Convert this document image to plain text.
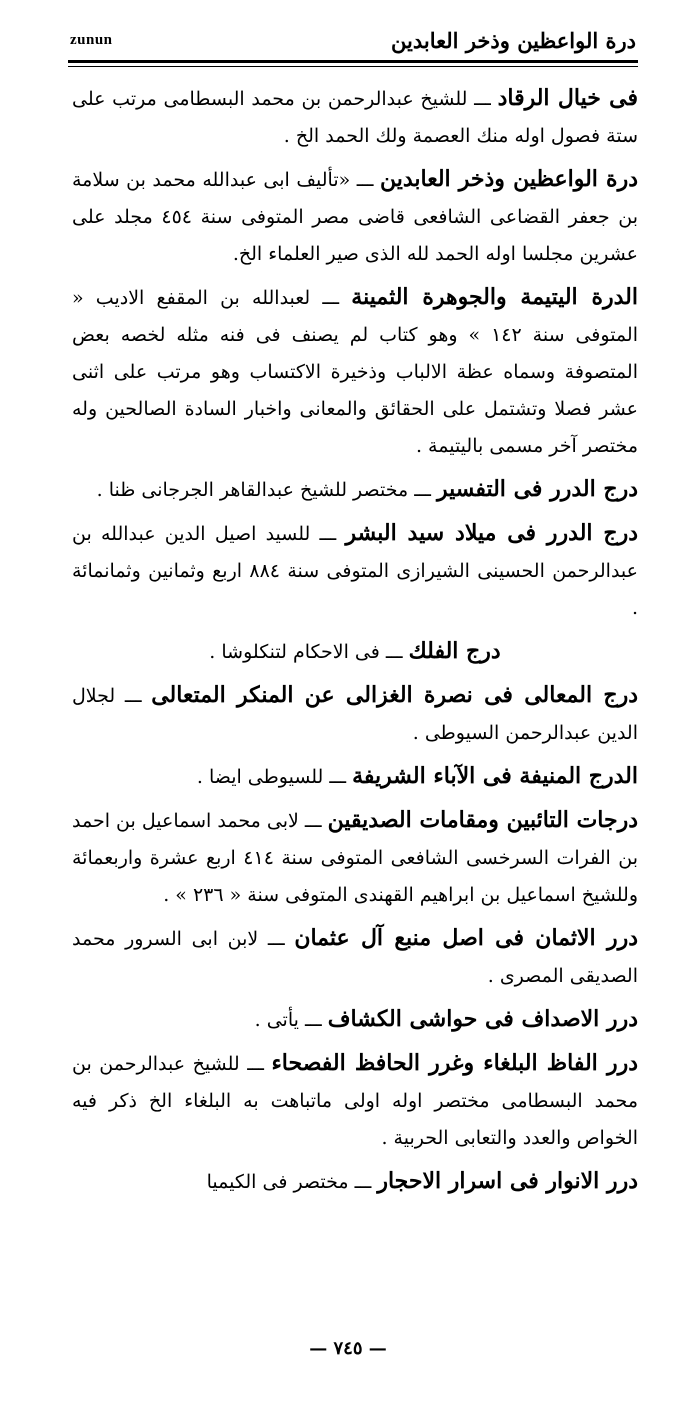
درة الواعظين وذخر العابدين
zunun

فى خيال الرقاد ـــ للشيخ عبدالرحمن بن محمد البسطامى مرتب على ستة فصول اوله منك العصمة ولك الحمد الخ .

درة الواعظين وذخر العابدين ـــ «تأليف ابى عبدالله محمد بن سلامة بن جعفر القضاعى الشافعى قاضى مصر المتوفى سنة ٤٥٤ مجلد على عشرين مجلسا اوله الحمد لله الذى صير العلماء الخ.

الدرة اليتيمة والجوهرة الثمينة ـــ لعبدالله بن المقفع الاديب « المتوفى سنة ١٤٢ » وهو كتاب لم يصنف فى فنه مثله لخصه بعض المتصوفة وسماه عظة الالباب وذخيرة الاكتساب وهو مرتب على اثنى عشر فصلا وتشتمل على الحقائق والمعانى واخبار السادة الصالحين وله مختصر آخر مسمى باليتيمة .

درج الدرر فى التفسير ـــ مختصر للشيخ عبدالقاهر الجرجانى ظنا .

درج الدرر فى ميلاد سيد البشر ـــ للسيد اصيل الدين عبدالله بن عبدالرحمن الحسينى الشيرازى المتوفى سنة ٨٨٤ اربع وثمانين وثمانمائة .

درج الفلك ـــ فى الاحكام لتنكلوشا .

درج المعالى فى نصرة الغزالى عن المنكر المتعالى ـــ لجلال الدين عبدالرحمن السيوطى .

الدرج المنيفة فى الآباء الشريفة ـــ للسيوطى ايضا .

درجات التائبين ومقامات الصديقين ـــ لابى محمد اسماعيل بن احمد بن الفرات السرخسى الشافعى المتوفى سنة ٤١٤ اربع عشرة واربعمائة وللشيخ اسماعيل بن ابراهيم القهندى المتوفى سنة « ٢٣٦ » .

درر الاثمان فى اصل منبع آل عثمان ـــ لابن ابى السرور محمد الصديقى المصرى .

درر الاصداف فى حواشى الكشاف ـــ يأتى .

درر الفاظ البلغاء وغرر الحافظ الفصحاء ـــ للشيخ عبدالرحمن بن محمد البسطامى مختصر اوله اولى ماتباهت به البلغاء الخ ذكر فيه الخواص والعدد والتعابى الحربية .

درر الانوار فى اسرار الاحجار ـــ مختصر فى الكيميا

— ٧٤٥ —
